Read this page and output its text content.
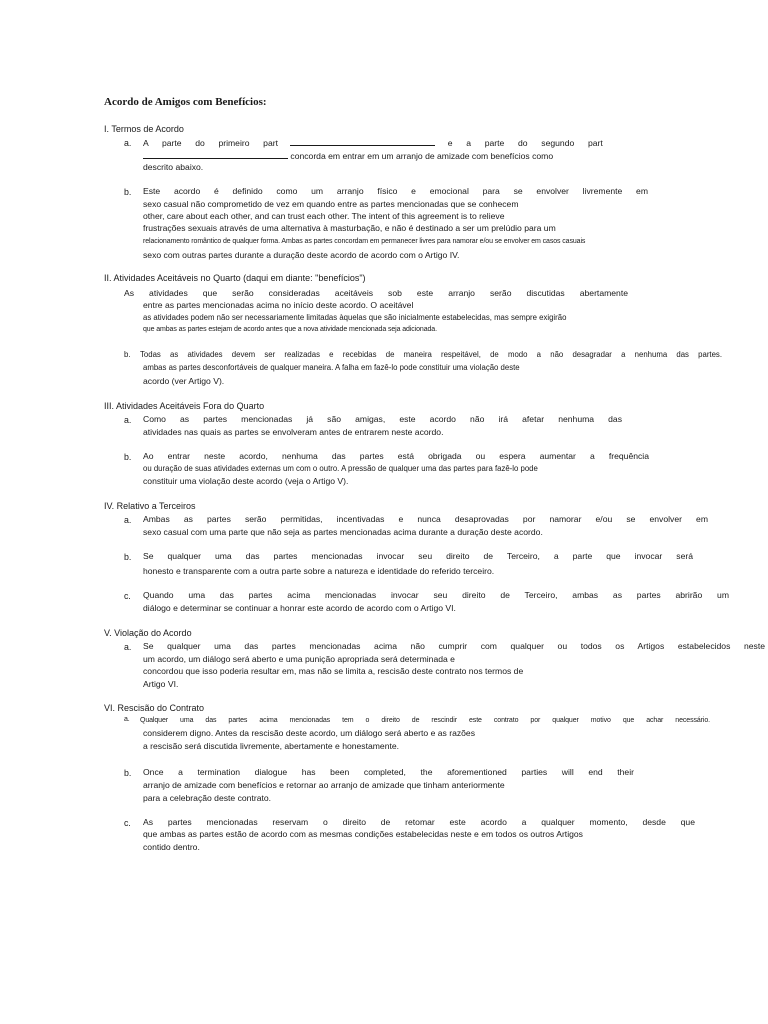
Acordo de Amigos com Benefícios:
I. Termos de Acordo
a. A parte do primeiro part	e a parte do segundo part
concorda em entrar em um arranjo de amizade com benefícios como
descrito abaixo.
b. Este acordo é definido como um arranjo físico e emocional para se envolver livremente em
sexo casual não comprometido de vez em quando entre as partes mencionadas que se conhecem
other, care about each other, and can trust each other. The intent of this agreement is to relieve
frustrações sexuais através de uma alternativa à masturbação, e não é destinado a ser um prelúdio para um
relacionamento romântico de qualquer forma. Ambas as partes concordam em permanecer livres para namorar e/ou se envolver em casos casuais
sexo com outras partes durante a duração deste acordo de acordo com o Artigo IV.
II. Atividades Aceitáveis no Quarto (daqui em diante: "benefícios")
As atividades que serão consideradas aceitáveis sob este arranjo serão discutidas abertamente
entre as partes mencionadas acima no início deste acordo. O aceitável
as atividades podem não ser necessariamente limitadas àquelas que são inicialmente estabelecidas, mas sempre exigirão
que ambas as partes estejam de acordo antes que a nova atividade mencionada seja adicionada.
b. Todas as atividades devem ser realizadas e recebidas de maneira respeitável, de modo a não desagradar a nenhuma das partes.
ambas as partes desconfortáveis de qualquer maneira. A falha em fazê-lo pode constituir uma violação deste
acordo (ver Artigo V).
III. Atividades Aceitáveis Fora do Quarto
a. Como as partes mencionadas já são amigas, este acordo não irá afetar nenhuma das
atividades nas quais as partes se envolveram antes de entrarem neste acordo.
b. Ao entrar neste acordo, nenhuma das partes está obrigada ou espera aumentar a frequência
ou duração de suas atividades externas um com o outro. A pressão de qualquer uma das partes para fazê-lo pode
constituir uma violação deste acordo (veja o Artigo V).
IV. Relativo a Terceiros
a. Ambas as partes serão permitidas, incentivadas e nunca desaprovadas por namorar e/ou se envolver em
sexo casual com uma parte que não seja as partes mencionadas acima durante a duração deste acordo.
b. Se qualquer uma das partes mencionadas invocar seu direito de Terceiro, a parte que invocar será
honesto e transparente com a outra parte sobre a natureza e identidade do referido terceiro.
c. Quando uma das partes acima mencionadas invocar seu direito de Terceiro, ambas as partes abrirão um
diálogo e determinar se continuar a honrar este acordo de acordo com o Artigo VI.
V. Violação do Acordo
a. Se qualquer uma das partes mencionadas acima não cumprir com qualquer ou todos os Artigos estabelecidos neste
um acordo, um diálogo será aberto e uma punição apropriada será determinada e
concordou que isso poderia resultar em, mas não se limita a, rescisão deste contrato nos termos de
Artigo VI.
VI. Rescisão do Contrato
a. Qualquer uma das partes acima mencionadas tem o direito de rescindir este contrato por qualquer motivo que achar necessário.
considerem digno. Antes da rescisão deste acordo, um diálogo será aberto e as razões
a rescisão será discutida livremente, abertamente e honestamente.
b. Once a termination dialogue has been completed, the aforementioned parties will end their
arranjo de amizade com benefícios e retornar ao arranjo de amizade que tinham anteriormente
para a celebração deste contrato.
c. As partes mencionadas reservam o direito de retomar este acordo a qualquer momento, desde que
que ambas as partes estão de acordo com as mesmas condições estabelecidas neste e em todos os outros Artigos
contido dentro.
